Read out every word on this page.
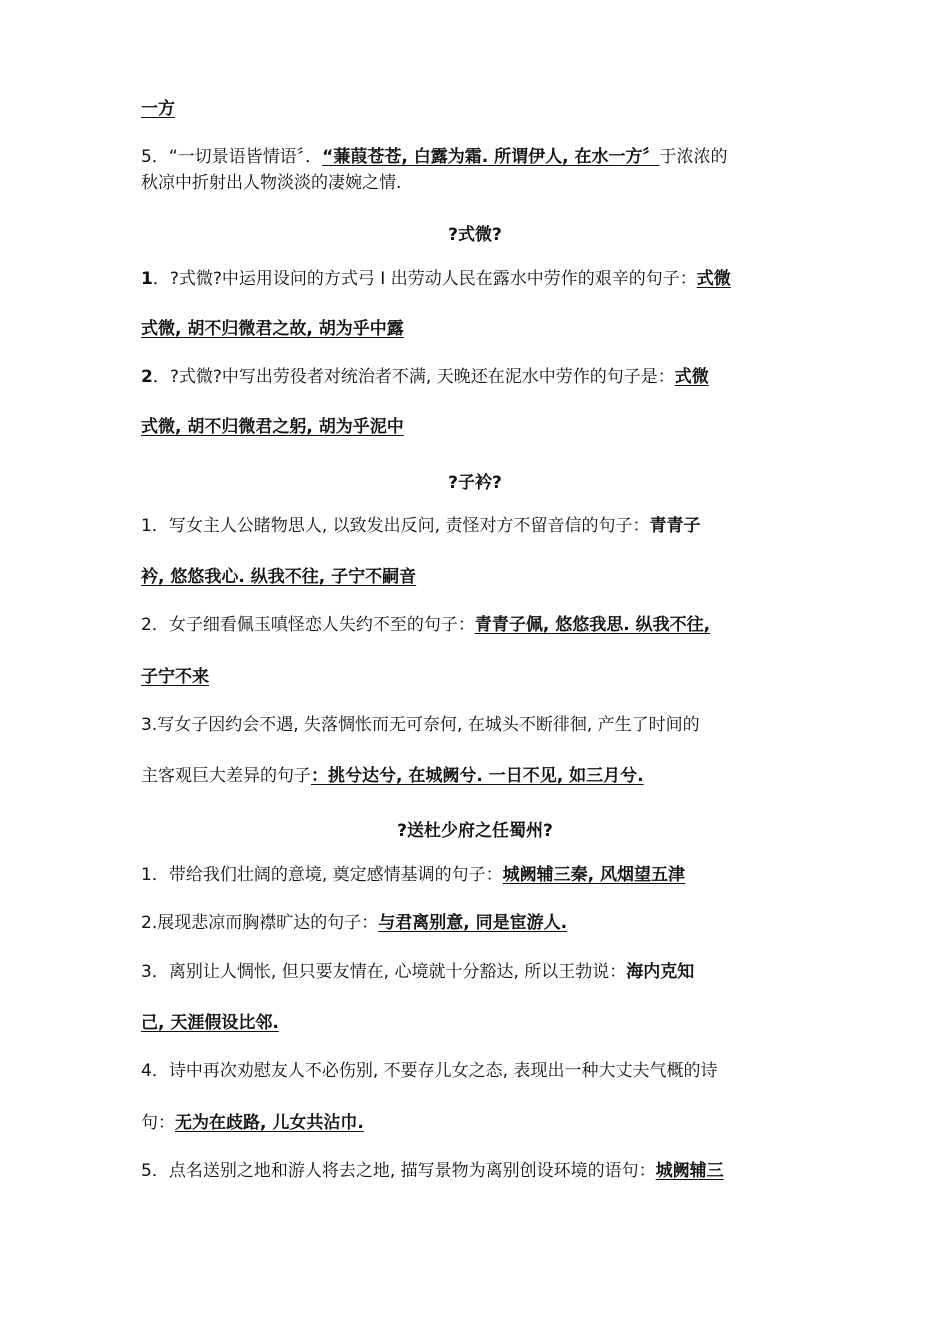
一方
5．“一切景语皆情语〞．“蒹葭苍苍, 白露为霜. 所谓伊人, 在水一方〞于浓浓的
秋凉中折射出人物淡淡的凄婉之情.
?式微?
1．?式微?中运用设问的方式弓 I 出劳动人民在露水中劳作的艰辛的句子：式微
式微, 胡不归微君之故, 胡为乎中露
2．?式微?中写出劳役者对统治者不满, 天晚还在泥水中劳作的句子是：式微
式微, 胡不归微君之躬, 胡为乎泥中
?子衿?
1．写女主人公睹物思人, 以致发出反问, 责怪对方不留音信的句子：青青子
衿, 悠悠我心. 纵我不往, 子宁不嗣音
2．女子细看佩玉嗔怪恋人失约不至的句子：青青子佩, 悠悠我思. 纵我不往,
子宁不来
3.写女子因约会不遇, 失落惆怅而无可奈何, 在城头不断徘徊, 产生了时间的
主客观巨大差异的句子：挑兮达兮, 在城阙兮. 一日不见, 如三月兮.
?送杜少府之任蜀州?
1．带给我们壮阔的意境, 奠定感情基调的句子：城阙辅三秦, 风烟望五津
2.展现悲凉而胸襟旷达的句子：与君离别意, 同是宦游人.
3．离别让人惆怅, 但只要友情在, 心境就十分豁达, 所以王勃说：海内克知
己, 天涯假设比邻.
4．诗中再次劝慰友人不必伤别, 不要存儿女之态, 表现出一种大丈夫气概的诗
句：无为在歧路, 儿女共沾巾.
5．点名送别之地和游人将去之地, 描写景物为离别创设环境的语句：城阙辅三
